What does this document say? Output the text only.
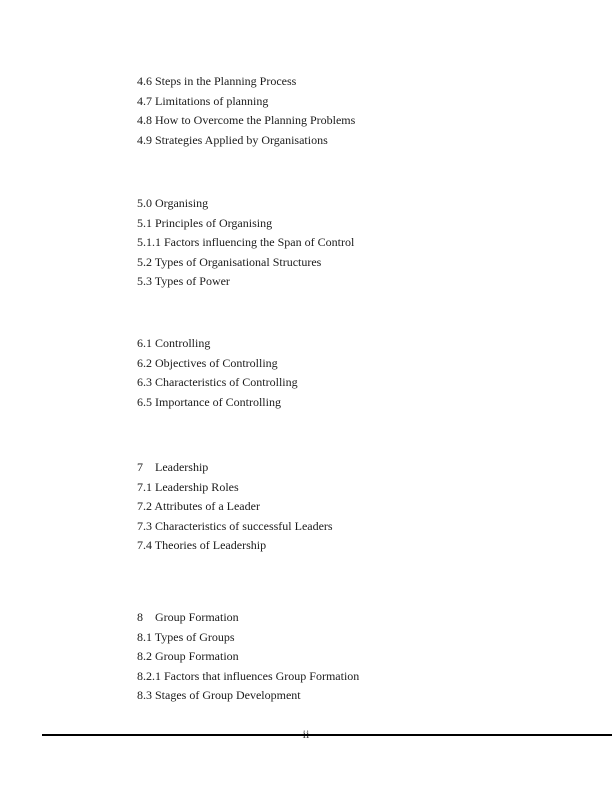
4.6 Steps in the Planning Process
4.7 Limitations of planning
4.8 How to Overcome the Planning Problems
4.9 Strategies Applied by Organisations
5.0 Organising
5.1 Principles of Organising
5.1.1 Factors influencing the Span of Control
5.2 Types of Organisational Structures
5.3 Types of Power
6.1 Controlling
6.2 Objectives of Controlling
6.3 Characteristics of Controlling
6.5 Importance of Controlling
7    Leadership
7.1 Leadership Roles
7.2 Attributes of a Leader
7.3 Characteristics of successful Leaders
7.4 Theories of Leadership
8    Group Formation
8.1 Types of Groups
8.2 Group Formation
8.2.1 Factors that influences Group Formation
8.3 Stages of Group Development
